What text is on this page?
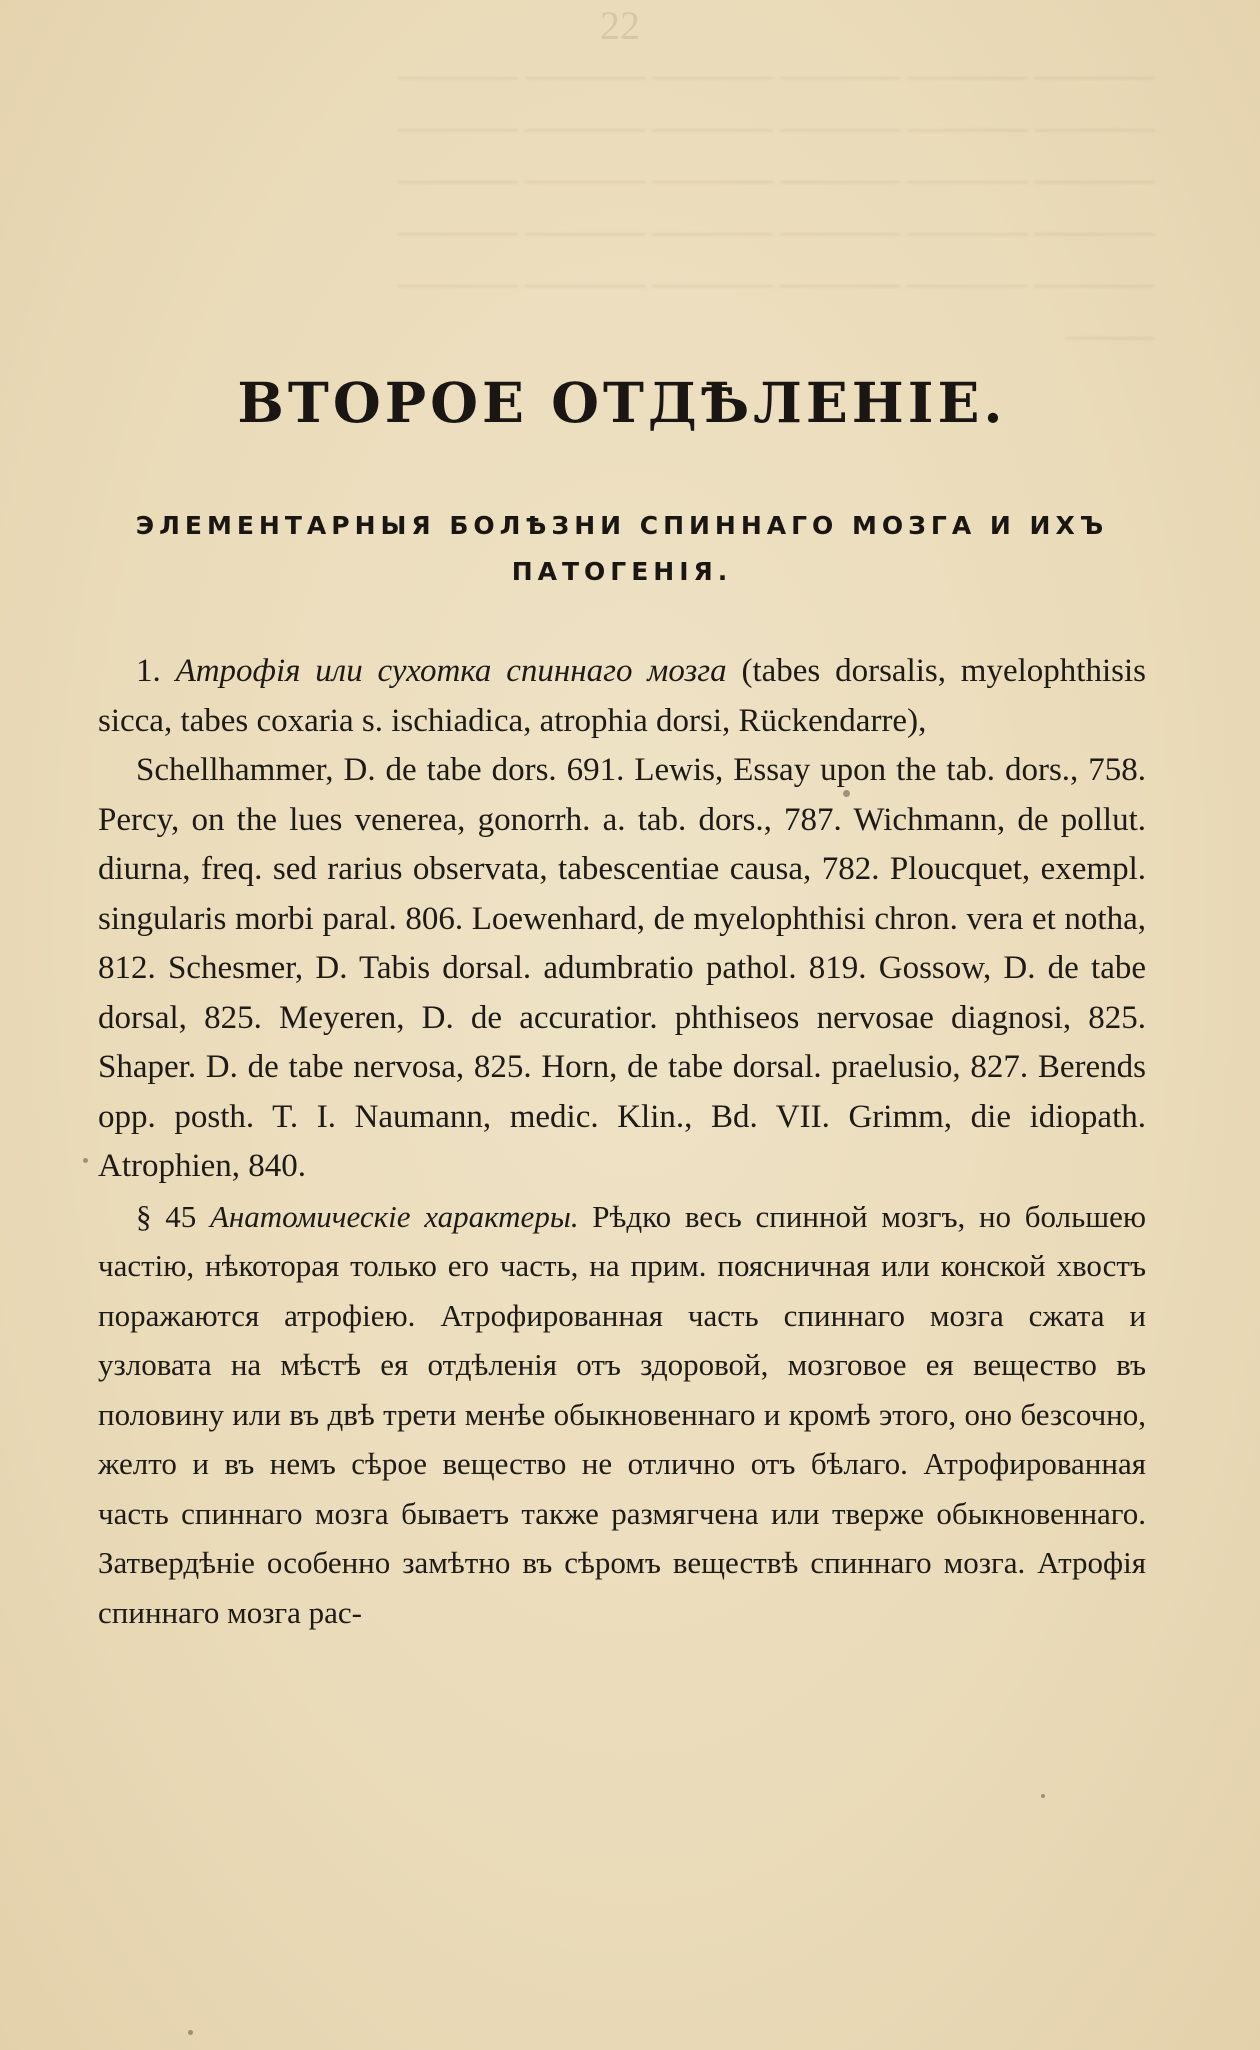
22
———— ———— ———— ———— ———— ————
———— ———— ———— ———— ———— ————
———— ———— ———— ———— ———— ————
———— ———— ———— ———— ———— ————
———— ———— ———— ———— ———— ————
———
ВТОРОЕ ОТДѢЛЕНІЕ.
ЭЛЕМЕНТАРНЫЯ БОЛѢЗНИ СПИННАГО МОЗГА И ИХЪ
ПАТОГЕНІЯ.

1. Атрофія или сухотка спиннаго мозга (tabes dorsalis, myelophthisis sicca, tabes coxaria s. ischiadica, atrophia dorsi, Rückendarre),

Schellhammer, D. de tabe dors. 691. Lewis, Essay upon the tab. dors., 758. Percy, on the lues venerea, gonorrh. a. tab. dors., 787. Wichmann, de pollut. diurna, freq. sed rarius observata, tabescentiae causa, 782. Ploucquet, exempl. singularis morbi paral. 806. Loewenhard, de myelophthisi chron. vera et notha, 812. Schesmer, D. Tabis dorsal. adumbratio pathol. 819. Gossow, D. de tabe dorsal, 825. Meyeren, D. de accuratior. phthiseos nervosae diagnosi, 825. Shaper. D. de tabe nervosa, 825. Horn, de tabe dorsal. praelusio, 827. Berends opp. posth. T. I. Naumann, medic. Klin., Bd. VII. Grimm, die idiopath. Atrophien, 840.

§ 45 Анатомическіе характеры. Рѣдко весь спинной мозгъ, но большею частію, нѣкоторая только его часть, на прим. поясничная или конской хвостъ поражаются атрофіею. Атрофированная часть спиннаго мозга сжата и узловата на мѣстѣ ея отдѣленія отъ здоровой, мозговое ея вещество въ половину или въ двѣ трети менѣе обыкновеннаго и кромѣ этого, оно безсочно, желто и въ немъ сѣрое вещество не отлично отъ бѣлаго. Атрофированная часть спиннаго мозга бываетъ также размягчена или тверже обыкновеннаго. Затвердѣніе особенно замѣтно въ сѣромъ веществѣ спиннаго мозга. Атрофія спиннаго мозга рас-
